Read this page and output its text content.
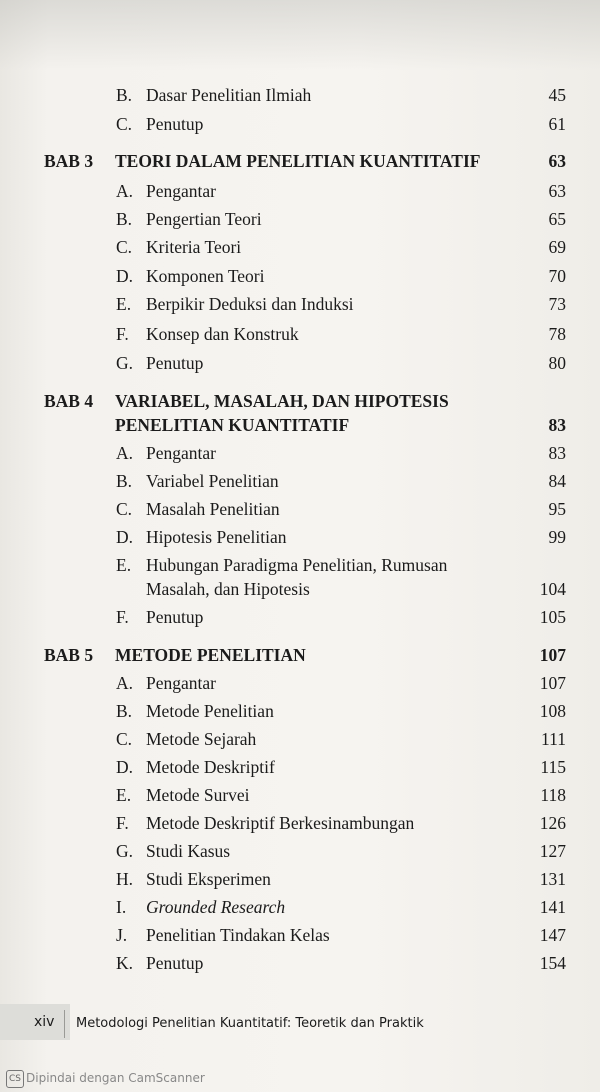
B. Dasar Penelitian Ilmiah	45
C. Penutup	61
BAB 3 TEORI DALAM PENELITIAN KUANTITATIF	63
A. Pengantar	63
B. Pengertian Teori	65
C. Kriteria Teori	69
D. Komponen Teori	70
E. Berpikir Deduksi dan Induksi	73
F. Konsep dan Konstruk	78
G. Penutup	80
BAB 4 VARIABEL, MASALAH, DAN HIPOTESIS
PENELITIAN KUANTITATIF	83
A. Pengantar	83
B. Variabel Penelitian	84
C. Masalah Penelitian	95
D. Hipotesis Penelitian	99
E. Hubungan Paradigma Penelitian, Rumusan
Masalah, dan Hipotesis	104
F. Penutup	105
BAB 5 METODE PENELITIAN	107
A. Pengantar	107
B. Metode Penelitian	108
C. Metode Sejarah	111
D. Metode Deskriptif	115
E. Metode Survei	118
F. Metode Deskriptif Berkesinambungan	126
G. Studi Kasus	127
H. Studi Eksperimen	131
I. Grounded Research	141
J. Penelitian Tindakan Kelas	147
K. Penutup	154
xiv Metodologi Penelitian Kuantitatif: Teoretik dan Praktik
CS Dipindai dengan CamScanner
